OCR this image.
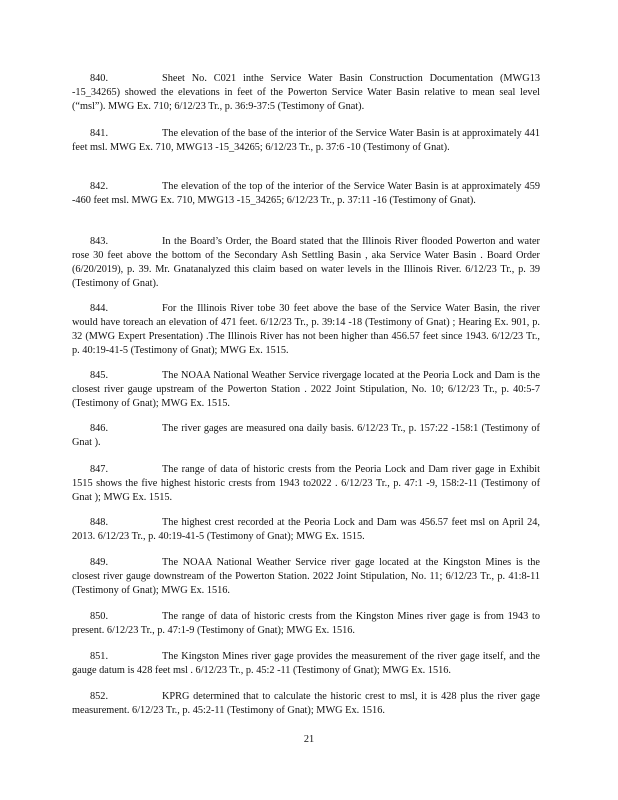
840.	Sheet No. C021 inthe Service Water Basin Construction Documentation (MWG13 -15_34265) showed the elevations in feet of the Powerton Service Water Basin relative to mean seal level (“msl”). MWG Ex. 710; 6/12/23 Tr., p. 36:9-37:5 (Testimony of Gnat).

841.	The elevation of the base of the interior of the Service Water Basin is at approximately 441 feet msl. MWG Ex. 710, MWG13 -15_34265; 6/12/23 Tr., p. 37:6 -10 (Testimony of Gnat).

842.	The elevation of the top of the interior of the Service Water Basin is at approximately 459 -460 feet msl. MWG Ex. 710, MWG13 -15_34265; 6/12/23 Tr., p. 37:11 -16 (Testimony of Gnat).

843.	In the Board’s Order, the Board stated that the Illinois River flooded Powerton and water rose 30 feet above the bottom of the Secondary Ash Settling Basin , aka Service Water Basin . Board Order (6/20/2019), p. 39. Mr. Gnatanalyzed this claim based on water levels in the Illinois River. 6/12/23 Tr., p. 39 (Testimony of Gnat).

844.	For the Illinois River tobe 30 feet above the base of the Service Water Basin, the river would have toreach an elevation of 471 feet. 6/12/23 Tr., p. 39:14 -18 (Testimony of Gnat) ; Hearing Ex. 901, p. 32 (MWG Expert Presentation) .The Illinois River has not been higher than 456.57 feet since 1943. 6/12/23 Tr., p. 40:19-41-5 (Testimony of Gnat); MWG Ex. 1515.

845.	The NOAA National Weather Service rivergage located at the Peoria Lock and Dam is the closest river gauge upstream of the Powerton Station . 2022 Joint Stipulation, No. 10; 6/12/23 Tr., p. 40:5-7 (Testimony of Gnat); MWG Ex. 1515.

846.	The river gages are measured ona daily basis. 6/12/23 Tr., p. 157:22 -158:1 (Testimony of Gnat ).

847.	The range of data of historic crests from the Peoria Lock and Dam river gage in Exhibit 1515 shows the five highest historic crests from 1943 to2022 . 6/12/23 Tr., p. 47:1 -9, 158:2-11 (Testimony of Gnat ); MWG Ex. 1515.

848.	The highest crest recorded at the Peoria Lock and Dam was 456.57 feet msl on April 24, 2013. 6/12/23 Tr., p. 40:19-41-5 (Testimony of Gnat); MWG Ex. 1515.

849.	The NOAA National Weather Service river gage located at the Kingston Mines is the closest river gauge downstream of the Powerton Station. 2022 Joint Stipulation, No. 11; 6/12/23 Tr., p. 41:8-11 (Testimony of Gnat); MWG Ex. 1516.

850.	The range of data of historic crests from the Kingston Mines river gage is from 1943 to present. 6/12/23 Tr., p. 47:1-9 (Testimony of Gnat); MWG Ex. 1516.

851.	The Kingston Mines river gage provides the measurement of the river gage itself, and the gauge datum is 428 feet msl . 6/12/23 Tr., p. 45:2 -11 (Testimony of Gnat); MWG Ex. 1516.

852.	KPRG determined that to calculate the historic crest to msl, it is 428 plus the river gage measurement. 6/12/23 Tr., p. 45:2-11 (Testimony of Gnat); MWG Ex. 1516.

21
